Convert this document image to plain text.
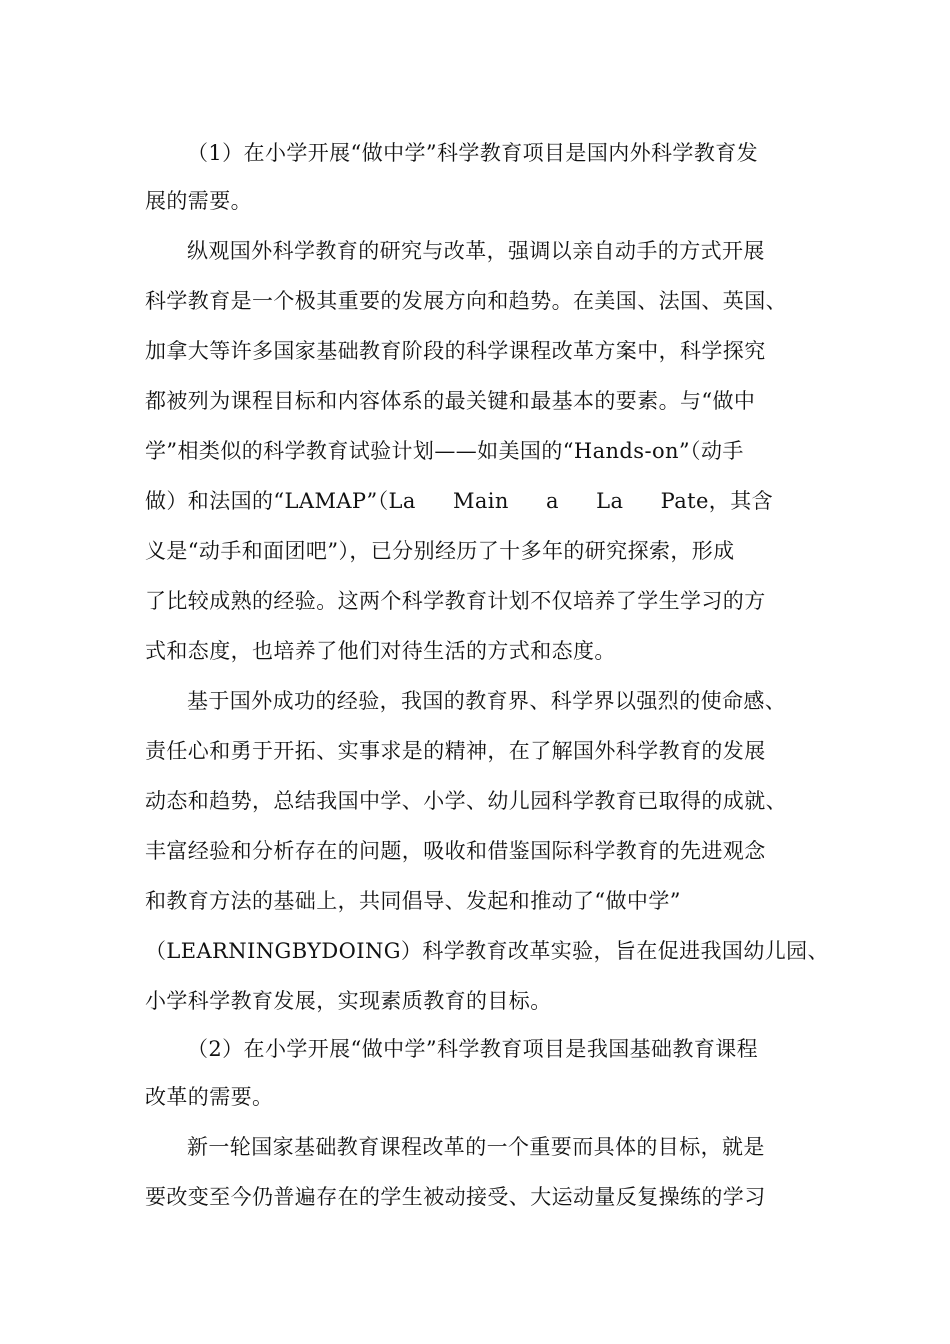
（1）在小学开展“做中学”科学教育项目是国内外科学教育发
展的需要。
纵观国外科学教育的研究与改革，强调以亲自动手的方式开展
科学教育是一个极其重要的发展方向和趋势。在美国、法国、英国、
加拿大等许多国家基础教育阶段的科学课程改革方案中，科学探究
都被列为课程目标和内容体系的最关键和最基本的要素。与“做中
学”相类似的科学教育试验计划——如美国的“Hands-on”（动手
做）和法国的“LAMAP”（La Main a La Pate，其含
义是“动手和面团吧”），已分别经历了十多年的研究探索，形成
了比较成熟的经验。这两个科学教育计划不仅培养了学生学习的方
式和态度，也培养了他们对待生活的方式和态度。
基于国外成功的经验，我国的教育界、科学界以强烈的使命感、
责任心和勇于开拓、实事求是的精神，在了解国外科学教育的发展
动态和趋势，总结我国中学、小学、幼儿园科学教育已取得的成就、
丰富经验和分析存在的问题，吸收和借鉴国际科学教育的先进观念
和教育方法的基础上，共同倡导、发起和推动了“做中学”
（LEARNING BY DOING）科学教育改革实验，旨在促进我国幼儿园、
小学科学教育发展，实现素质教育的目标。
（2）在小学开展“做中学”科学教育项目是我国基础教育课程
改革的需要。
新一轮国家基础教育课程改革的一个重要而具体的目标，就是
要改变至今仍普遍存在的学生被动接受、大运动量反复操练的学习
